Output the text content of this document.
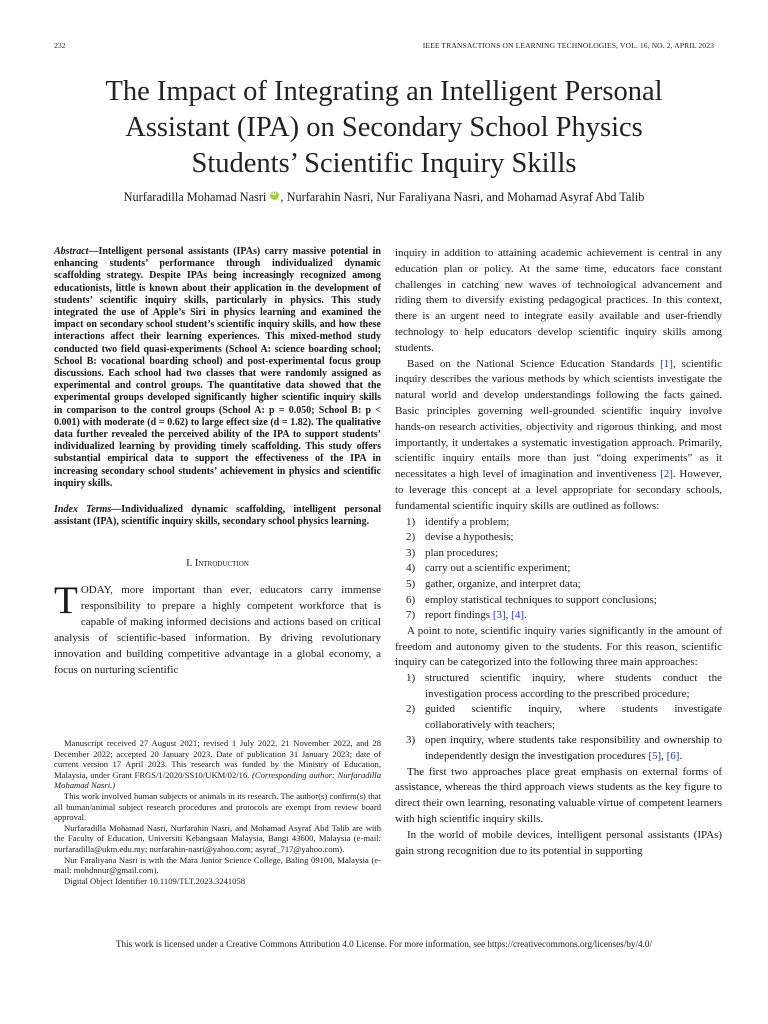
232	IEEE TRANSACTIONS ON LEARNING TECHNOLOGIES, VOL. 16, NO. 2, APRIL 2023
The Impact of Integrating an Intelligent Personal
Assistant (IPA) on Secondary School Physics
Students’ Scientific Inquiry Skills
Nurfaradilla Mohamad Nasri iD , Nurfarahin Nasri, Nur Faraliyana Nasri, and Mohamad Asyraf Abd Talib

Abstract—Intelligent personal assistants (IPAs) carry massive potential in enhancing students’ performance through individualized dynamic scaffolding strategy. Despite IPAs being increasingly recognized among educationists, little is known about their application in the development of students’ scientific inquiry skills, particularly in physics. This study integrated the use of Apple’s Siri in physics learning and examined the impact on secondary school student’s scientific inquiry skills, and how these interactions affect their learning experiences. This mixed-method study conducted two field quasi-experiments (School A: science boarding school; School B: vocational boarding school) and post-experimental focus group discussions. Each school had two classes that were randomly assigned as experimental and control groups. The quantitative data showed that the experimental groups developed significantly higher scientific inquiry skills in comparison to the control groups (School A: p = 0.050; School B: p < 0.001) with moderate (d = 0.62) to large effect size (d = 1.82). The qualitative data further revealed the perceived ability of the IPA to support students’ individualized learning by providing timely scaffolding. This study offers substantial empirical data to support the effectiveness of the IPA in increasing secondary school students’ achievement in physics and scientific inquiry skills.

Index Terms—Individualized dynamic scaffolding, intelligent personal assistant (IPA), scientific inquiry skills, secondary school physics learning.

I. Introduction

TODAY, more important than ever, educators carry immense responsibility to prepare a highly competent workforce that is capable of making informed decisions and actions based on critical analysis of scientific-based information. By driving revolutionary innovation and building competitive advantage in a global economy, a focus on nurturing scientific

Manuscript received 27 August 2021; revised 1 July 2022, 21 November 2022, and 28 December 2022; accepted 20 January 2023. Date of publication 31 January 2023; date of current version 17 April 2023. This research was funded by the Ministry of Education, Malaysia, under Grant FRGS/1/2020/SS10/UKM/02/16. (Corresponding author: Nurfaradilla Mohamad Nasri.)

This work involved human subjects or animals in its research. The author(s) confirm(s) that all human/animal subject research procedures and protocols are exempt from review board approval.

Nurfaradilla Mohamad Nasri, Nurfarahin Nasri, and Mohamad Asyraf Abd Talib are with the Faculty of Education, Universiti Kebangsaan Malaysia, Bangi 43600, Malaysia (e-mail: nurfaradilla@ukm.edu.my; nurfarahin-nasri@yahoo.com; asyraf_717@yahoo.com).

Nur Faraliyana Nasri is with the Mara Junior Science College, Baling 09100, Malaysia (e-mail: mohdnnur@gmail.com).

Digital Object Identifier 10.1109/TLT.2023.3241058

inquiry in addition to attaining academic achievement is central in any education plan or policy. At the same time, educators face constant challenges in catching new waves of technological advancement and riding them to diversify existing pedagogical practices. In this context, there is an urgent need to integrate easily available and user-friendly technology to help educators develop scientific inquiry skills among students.

Based on the National Science Education Standards [1], scientific inquiry describes the various methods by which scientists investigate the natural world and develop understandings following the facts gained. Basic principles governing well-grounded scientific inquiry involve hands-on research activities, objectivity and rigorous thinking, and most importantly, it undertakes a systematic investigation approach. Primarily, scientific inquiry entails more than just “doing experiments” as it necessitates a high level of imagination and inventiveness [2]. However, to leverage this concept at a level appropriate for secondary schools, fundamental scientific inquiry skills are outlined as follows:

1) identify a problem;
2) devise a hypothesis;
3) plan procedures;
4) carry out a scientific experiment;
5) gather, organize, and interpret data;
6) employ statistical techniques to support conclusions;
7) report findings [3], [4].

A point to note, scientific inquiry varies significantly in the amount of freedom and autonomy given to the students. For this reason, scientific inquiry can be categorized into the following three main approaches:

1) structured scientific inquiry, where students conduct the investigation process according to the prescribed procedure;
2) guided scientific inquiry, where students investigate collaboratively with teachers;
3) open inquiry, where students take responsibility and ownership to independently design the investigation procedures [5], [6].

The first two approaches place great emphasis on external forms of assistance, whereas the third approach views students as the key figure to direct their own learning, resonating valuable virtue of competent learners with high scientific inquiry skills.

In the world of mobile devices, intelligent personal assistants (IPAs) gain strong recognition due to its potential in supporting

This work is licensed under a Creative Commons Attribution 4.0 License. For more information, see https://creativecommons.org/licenses/by/4.0/
